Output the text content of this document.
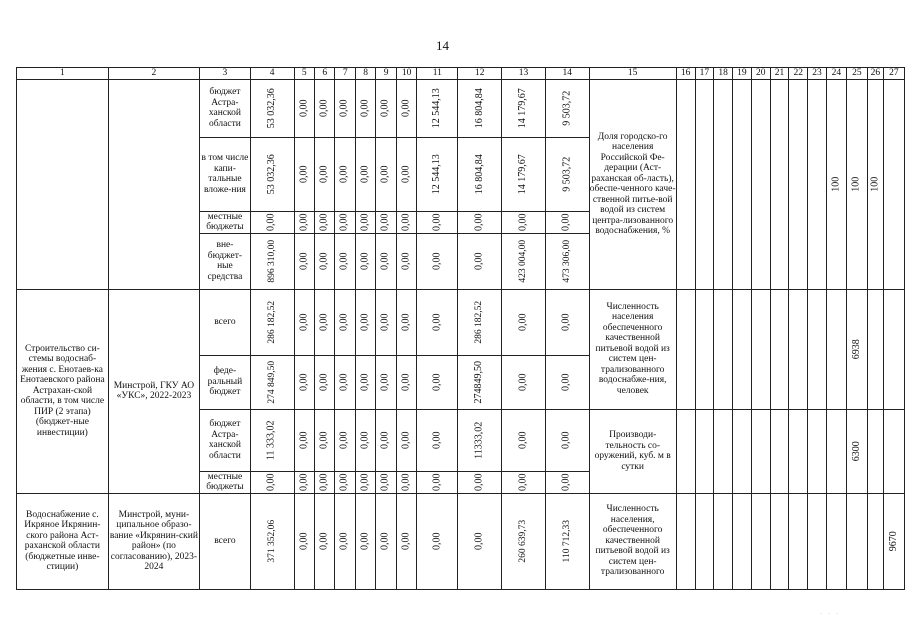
14
1	2	3	4	5	6	7	8	9	10	11	12	13	14	15	16	17	18	19	20	21	22	23	24	25	26	27
		бюджет Астра-ханской области	53 032,36	0,00	0,00	0,00	0,00	0,00	0,00	12 544,13	16 804,84	14 179,67	9 503,72	Доля городско-го населения Российской Фе-дерации (Аст-раханская об-ласть), обеспе-ченного каче-ственной питье-вой водой из систем центра-лизованного водоснабжения, %									100	100	100	
		в том числе капи-тальные вложе-ния	53 032,36	0,00	0,00	0,00	0,00	0,00	0,00	12 544,13	16 804,84	14 179,67	9 503,72													
		местные бюджеты	0,00	0,00	0,00	0,00	0,00	0,00	0,00	0,00	0,00	0,00	0,00													
		вне-бюджет-ные средства	896 310,00	0,00	0,00	0,00	0,00	0,00	0,00	0,00	0,00	423 004,00	473 306,00													
Строительство си-стемы водоснаб-жения с. Енотаев-ка Енотаевского района Астрахан-ской области, в том числе ПИР (2 этапа) (бюджет-ные инвестиции)	Минстрой, ГКУ АО «УКС», 2022-2023	всего	286 182,52	0,00	0,00	0,00	0,00	0,00	0,00	0,00	286 182,52	0,00	0,00	Численность населения обеспеченного качественной питьевой водой из систем цен-трализованного водоснабже-ния, человек										6938		
		феде-ральный бюджет	274 849,50	0,00	0,00	0,00	0,00	0,00	0,00	0,00	274849,50	0,00	0,00													
		бюджет Астра-ханской области	11 333,02	0,00	0,00	0,00	0,00	0,00	0,00	0,00	11333,02	0,00	0,00	Производи-тельность со-оружений, куб. м в сутки										6300		
		местные бюджеты	0,00	0,00	0,00	0,00	0,00	0,00	0,00	0,00	0,00	0,00	0,00													
Водоснабжение с. Икряное Икрянин-ского района Аст-раханской области (бюджетные инве-стиции)	Минстрой, муни-ципальное образо-вание «Икрянин-ский район» (по согласованию), 2023-2024	всего	371 352,06	0,00	0,00	0,00	0,00	0,00	0,00	0,00	0,00	260 639,73	110 712,33	Численность населения, обеспеченного качественной питьевой водой из систем цен-трализованного												9670
· · ·
